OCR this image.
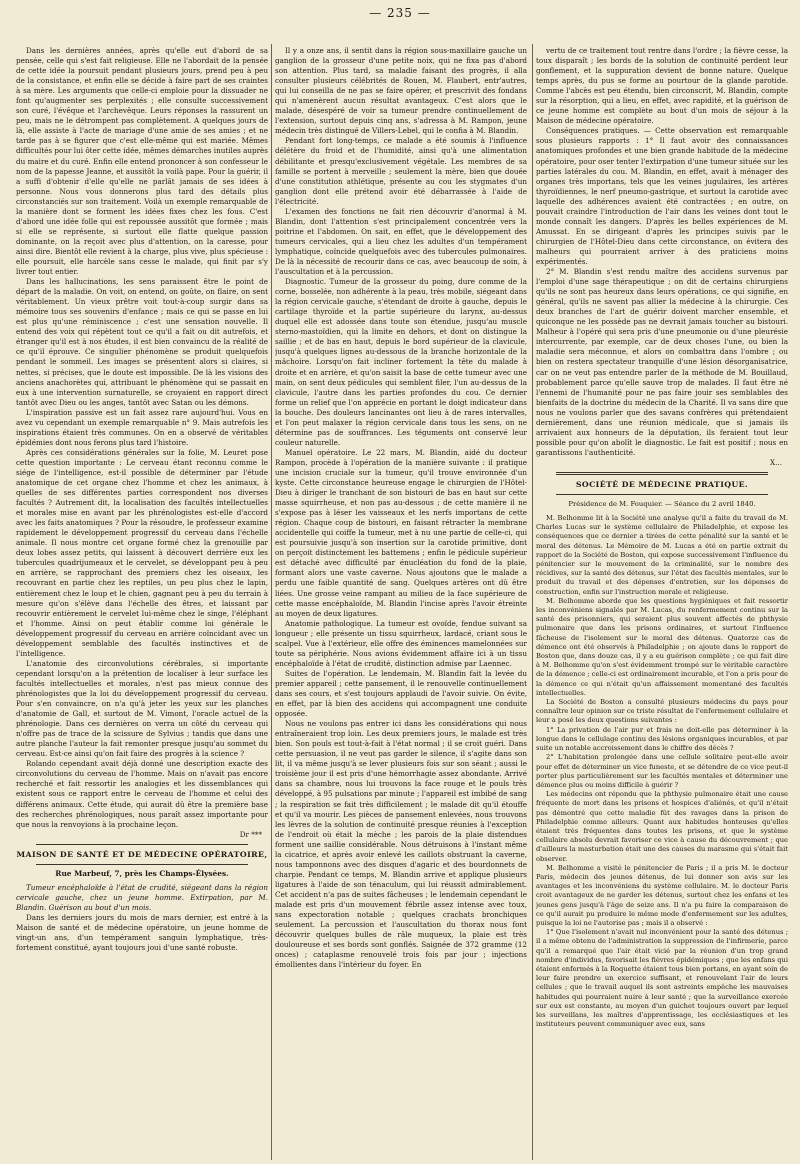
— 235 —

Dans les dernières années, après qu'elle eut d'abord de sa pensée, celle qui s'est fait religieuse. Elle ne l'abordait de la pensée de cette idée la poursuit pendant plusieurs jours, prend peu à peu de la consistance, et enfin elle se décide à faire part de ses craintes à sa mère. Les arguments que celle-ci emploie pour la dissuader ne font qu'augmenter ses perplexités ; elle consulte successivement son curé, l'évêque et l'archevêque. Leurs réponses la rassurent un peu, mais ne le détrompent pas complètement. A quelques jours de là, elle assiste à l'acte de mariage d'une amie de ses amies ; et ne tarde pas à se figurer que c'est elle-même qui est mariée. Mêmes difficultés pour lui ôter cette idée, mêmes démarches inutiles auprès du maire et du curé. Enfin elle entend prononcer à son confesseur le nom de la papesse Jeanne, et aussitôt la voilà pape. Pour la guérir, il a suffi d'obtenir d'elle qu'elle ne parlât jamais de ses idées à personne. Nous vous donnerons plus tard des détails plus circonstanciés sur son traitement. Voilà un exemple remarquable de la manière dont se forment les idées fixes chez les fous. C'est d'abord une idée folle qui est repoussée aussitôt que formée ; mais si elle se représente, si surtout elle flatte quelque passion dominante, on la reçoit avec plus d'attention, on la caresse, pour ainsi dire. Bientôt elle revient à la charge, plus vive, plus spécieuse : elle poursuit, elle harcèle sans cesse le malade, qui finit par s'y livrer tout entier.

Dans les hallucinations, les sens paraissent être le point de départ de la maladie. On voit, on entend, on goûte, on flaire, on sent véritablement. Un vieux prêtre voit tout-à-coup surgir dans sa mémoire tous ses souvenirs d'enfance ; mais ce qui se passe en lui est plus qu'une réminiscence ; c'est une sensation nouvelle. Il entend des voix qui répètent tout ce qu'il a fait ou dit autrefois, et étranger qu'il est à nos études, il est bien convaincu de la réalité de ce qu'il éprouve. Ce singulier phénomène se produit quelquefois pendant le sommeil. Les images se présentent alors si claires, si nettes, si précises, que le doute est impossible. De là les visions des anciens anachorètes qui, attribuant le phénomène qui se passait en eux à une intervention surnaturelle, se croyaient en rapport direct tantôt avec Dieu ou les anges, tantôt avec Satan ou les démons.

L'inspiration passive est un fait assez rare aujourd'hui. Vous en avez vu cependant un exemple remarquable n° 9. Mais autrefois les inspirations étaient très communes. On en a observé de véritables épidémies dont nous ferons plus tard l'histoire.

Après ces considérations générales sur la folie, M. Leuret pose cette question importante : Le cerveau étant reconnu comme le siége de l'intelligence, est-il possible de déterminer par l'étude anatomique de cet organe chez l'homme et chez les animaux, à quelles de ses différentes parties correspondent nos diverses facultés ? Autrement dit, la localisation des facultés intellectuelles et morales mise en avant par les phrénologistes est-elle d'accord avec les faits anatomiques ? Pour la résoudre, le professeur examine rapidement le développement progressif du cerveau dans l'échelle animale. Il nous montre cet organe formé chez la grenouille par deux lobes assez petits, qui laissent à découvert derrière eux les tubercules quadrijumeaux et le cervelet, se développant peu à peu en arrière, se rapprochant des premiers chez les oiseaux, les recouvrant en partie chez les reptiles, un peu plus chez le lapin, entièrement chez le loup et le chien, gagnant peu à peu du terrain à mesure qu'on s'élève dans l'échelle des êtres, et laissant par recouvrir entièrement le cervelet lui-même chez le singe, l'éléphant et l'homme. Ainsi on peut établir comme loi générale le développement progressif du cerveau en arrière coïncidant avec un développement semblable des facultés instinctives et de l'intelligence.

L'anatomie des circonvolutions cérébrales, si importante cependant lorsqu'on a la prétention de localiser à leur surface les facultés intellectuelles et morales, n'est pas mieux connue des phrénologistes que la loi du développement progressif du cerveau. Pour s'en convaincre, on n'a qu'à jeter les yeux sur les planches d'anatomie de Gall, et surtout de M. Vimont, l'oracle actuel de la phrénologie. Dans ces dernières on verra un côté du cerveau qui n'offre pas de trace de la scissure de Sylvius ; tandis que dans une autre planche l'auteur la fait remonter presque jusqu'au sommet du cerveau. Est-ce ainsi qu'on fait faire des progrès à la science ?

Rolando cependant avait déjà donné une description exacte des circonvolutions du cerveau de l'homme. Mais on n'avait pas encore recherché et fait ressortir les analogies et les dissemblances qui existent sous ce rapport entre le cerveau de l'homme et celui des différens animaux. Cette étude, qui aurait dû être la première base des recherches phrénologiques, nous paraît assez importante pour que nous la renvoyions à la prochaine leçon.

Dr ***
MAISON DE SANTÉ ET DE MÉDECINE OPÉRATOIRE,
Rue Marbeuf, 7, près les Champs-Élysées.

Tumeur encéphaloïde à l'état de crudité, siégeant dans la région cervicale gauche, chez un jeune homme. Extirpation, par M. Blandin. Guérison au bout d'un mois.

Dans les derniers jours du mois de mars dernier, est entré à la Maison de santé et de médecine opératoire, un jeune homme de vingt-un ans, d'un tempérament sanguin lymphatique, très-fortement constitué, ayant toujours joui d'une santé robuste.

Il y a onze ans, il sentit dans la région sous-maxillaire gauche un ganglion de la grosseur d'une petite noix, qui ne fixa pas d'abord son attention. Plus tard, sa maladie faisant des progrès, il alla consulter plusieurs célébrités de Rouen, M. Flaubert, entr'autres, qui lui conseilla de ne pas se faire opérer, et prescrivit des fondans qui n'amenèrent aucun résultat avantageux. C'est alors que le malade, désespéré de voir sa tumeur prendre continuellement de l'extension, surtout depuis cinq ans, s'adressa à M. Rampon, jeune médecin très distingué de Villers-Lebel, qui le confia à M. Blandin.

Pendant fort long-temps, ce malade a été soumis à l'influence délétère du froid et de l'humidité, ainsi qu'à une alimentation débilitante et presqu'exclusivement végétale. Les membres de sa famille se portent à merveille ; seulement la mère, bien que douée d'une constitution athlétique, présente au cou les stygmates d'un ganglion dont elle prétend avoir été débarrassée à l'aide de l'électricité.

L'examen des fonctions ne fait rien découvrir d'anormal à M. Blandin, dont l'attention s'est principalement concentrée vers la poitrine et l'abdomen. On sait, en effet, que le développement des tumeurs cervicales, qui a lieu chez les adultes d'un tempérament lymphatique, coïncide quelquefois avec des tubercules pulmonaires. De là la nécessité de recourir dans ce cas, avec beaucoup de soin, à l'auscultation et à la percussion.

Diagnostic. Tumeur de la grosseur du poing, dure comme de la corne, bosselée, non adhérente à la peau, très mobile, siégeant dans la région cervicale gauche, s'étendant de droite à gauche, depuis le cartilage thyroïde et la partie supérieure du larynx, au-dessus duquel elle est adossée dans toute son étendue, jusqu'au muscle sterno-mastoïdien, qui la limite en dehors, et dont on distingue la saillie ; et de bas en haut, depuis le bord supérieur de la clavicule, jusqu'à quelques lignes au-dessous de la branche horizontale de la mâchoire. Lorsqu'on fait incliner fortement la tête du malade à droite et en arrière, et qu'on saisit la base de cette tumeur avec une main, on sent deux pédicules qui semblent filer, l'un au-dessus de la clavicule, l'autre dans les parties profondes du cou. Ce dernier forme un relief que l'on apprécie en portant le doigt indicateur dans la bouche. Des douleurs lancinantes ont lieu à de rares intervalles, et l'on peut malaxer la région cervicale dans tous les sens, on ne détermine pas de souffrances. Les téguments ont conservé leur couleur naturelle.

Manuel opératoire. Le 22 mars, M. Blandin, aidé du docteur Rampon, procède à l'opération de la manière suivante : il pratique une incision cruciale sur la tumeur, qu'il trouve environnée d'un kyste. Cette circonstance heureuse engage le chirurgien de l'Hôtel-Dieu à diriger le tranchant de son bistouri de bas en haut sur cette masse squirrheuse, et non pas au-dessous ; de cette manière il ne s'expose pas à léser les vaisseaux et les nerfs importans de cette région. Chaque coup de bistouri, en faisant rétracter la membrane accidentelle qui coiffe la tumeur, met à nu une partie de celle-ci, qui est poursuivie jusqu'à son insertion sur la carotide primitive, dont on perçoit distinctement les battemens ; enfin le pédicule supérieur est détaché avec difficulté par énucléation du fond de la plaie, formant alors une vaste caverne. Nous ajoutons que le malade a perdu une faible quantité de sang. Quelques artères ont dû être liées. Une grosse veine rampant au milieu de la face supérieure de cette masse encéphaloïde, M. Blandin l'incise après l'avoir étreinte au moyen de deux ligatures.

Anatomie pathologique. La tumeur est ovoïde, fendue suivant sa longueur ; elle présente un tissu squirrheux, lardacé, criant sous le scalpel. Vue à l'extérieur, elle offre des éminences mamelonnées sur toute sa périphérie. Nous avions évidemment affaire ici à un tissu encéphaloïde à l'état de crudité, distinction admise par Laennec.

Suites de l'opération. Le lendemain, M. Blandin fait la levée du premier appareil ; cette pansement, il le renouvelle continuellement dans ses cours, et s'est toujours applaudi de l'avoir suivie. On évite, en effet, par là bien des accidens qui accompagnent une conduite opposée.

Nous ne voulons pas entrer ici dans les considérations qui nous entraîneraient trop loin. Les deux premiers jours, le malade est très bien. Son pouls est tout-à-fait à l'état normal ; il se croit guéri. Dans cette persuasion, il ne veut pas garder le silence, il s'agite dans son lit, il va même jusqu'à se lever plusieurs fois sur son séant ; aussi le troisième jour il est pris d'une hémorrhagie assez abondante. Arrivé dans sa chambre, nous lui trouvons la face rouge et le pouls très développé, à 95 pulsations par minute ; l'appareil est imbibé de sang ; la respiration se fait très difficilement ; le malade dit qu'il étouffe et qu'il va mourir. Les pièces de pansement enlevées, nous trouvons les lèvres de la solution de continuité presque réunies à l'exception de l'endroit où était la mèche ; les parois de la plaie distendues forment une saillie considérable. Nous détruisons à l'instant même la cicatrice, et après avoir enlevé les caillots obstruant la caverne, nous tamponnons avec des disques d'agaric et des bourdonnets de charpie. Pendant ce temps, M. Blandin arrive et applique plusieurs ligatures à l'aide de son ténaculum, qui lui réussit admirablement. Cet accident n'a pas de suites fâcheuses ; le lendemain cependant le malade est pris d'un mouvement fébrile assez intense avec toux, sans expectoration notable ; quelques crachats bronchiques seulement. La percussion et l'auscultation du thorax nous font découvrir quelques bulles de râle muqueux, la plaie est très douloureuse et ses bords sont gonflés. Saignée de 372 gramme (12 onces) ; cataplasme renouvelé trois fois par jour ; injections émollientes dans l'intérieur du foyer. En

vertu de ce traitement tout rentre dans l'ordre ; la fièvre cesse, la toux disparaît ; les bords de la solution de continuité perdent leur gonflement, et la suppuration devient de bonne nature. Quelque temps après, du pus se forme au pourtour de la glande parotide. Comme l'abcès est peu étendu, bien circonscrit, M. Blandin, compte sur la résorption, qui a lieu, en effet, avec rapidité, et la guérison de ce jeune homme est complète au bout d'un mois de séjour à la Maison de médecine opératoire.

Conséquences pratiques. — Cette observation est remarquable sous plusieurs rapports : 1° Il faut avoir des connaissances anatomiques profondes et une bien grande habitude de la médecine opératoire, pour oser tenter l'extirpation d'une tumeur située sur les parties latérales du cou. M. Blandin, en effet, avait à ménager des organes très importans, tels que les veines jugulaires, les artères thyroïdiennes, le nerf pneumo-gastrique, et surtout la carotide avec laquelle des adhérences avaient été contractées ; en outre, on pouvait craindre l'introduction de l'air dans les veines dont tout le monde connaît les dangers. D'après les belles expériences de M. Amussat. En se dirigeant d'après les principes suivis par le chirurgien de l'Hôtel-Dieu dans cette circonstance, on évitera des malheurs qui pourraient arriver à des praticiens moins expérimentés.

2° M. Blandin s'est rendu maître des accidens survenus par l'emploi d'une sage thérapeutique ; on dit de certains chirurgiens qu'ils ne sont pas heureux dans leurs opérations, ce qui signifie, en général, qu'ils ne savent pas allier la médecine à la chirurgie. Ces deux branches de l'art de guérir doivent marcher ensemble, et quiconque ne les possède pas ne devrait jamais toucher au bistouri. Malheur à l'opéré qui sera pris d'une pneumonie ou d'une pleurésie intercurrente, par exemple, car de deux choses l'une, ou bien la maladie sera méconnue, et alors on combattra dans l'ombre ; ou bien on restera spectateur tranquille d'une lésion désorganisatrice, car on ne veut pas entendre parler de la méthode de M. Bouillaud, probablement parce qu'elle sauve trop de malades. Il faut être né l'ennemi de l'humanité pour ne pas faire jouir ses semblables des bienfaits de la doctrine du médecin de la Charité. Il va sans dire que nous ne voulons parler que des savans confrères qui prétendaient dernièrement, dans une réunion médicale, que si jamais ils arrivaient aux honneurs de la députation, ils feraient tout leur possible pour qu'on abolît le diagnostic. Le fait est positif ; nous en garantissons l'authenticité.

X...
SOCIÉTÉ DE MÉDECINE PRATIQUE.
Présidence de M. Fouquier. — Séance du 2 avril 1840.

M. Belhomme lit à la Société une analyse qu'il a faite du travail de M. Charles Lucas sur le système cellulaire de Philadelphie, et expose les conséquences que ce dernier a tirées de cette pénalité sur la santé et le moral des détenus. Le Mémoire de M. Lucas a été en partie extrait du rapport de la Société de Boston, qui expose successivement l'influence du pénitencier sur le mouvement de la criminalité, sur le nombre des récidives, sur la santé des détenus, sur l'état des facultés mentales, sur le produit du travail et des dépenses d'entretien, sur les dépenses de construction, enfin sur l'instruction morale et religieuse.

M. Belhomme aborde que les questions hygiéniques et fait ressortir les inconvéniens signalés par M. Lucas, du renfermement continu sur la santé des prisonniers, qui seraient plus souvent affectés de phthysie pulmonaire que dans les prisons ordinaires, et surtout l'influence fâcheuse de l'isolement sur le moral des détenus. Quatorze cas de démence ont été observés à Philadelphie ; on ajoute dans le rapport de Boston que, dans douze cas, il y a eu guérison complète ; ce qui fait dire à M. Belhomme qu'on s'est évidemment trompé sur le véritable caractère de la démence ; celle-ci est ordinairement incurable, et l'on a pris pour de la démence ce qui n'était qu'un affaissement momentané des facultés intellectuelles.

La Société de Boston a consulté plusieurs médecins du pays pour connaître leur opinion sur ce triste résultat de l'enfermement cellulaire et leur a posé les deux questions suivantes :

1° La privation de l'air pur et frais ne doit-elle pas déterminer à la longue dans le cellulage continu des lésions organiques incurables, et par suite un notable accroissement dans le chiffre des décès ?

2° L'habitation prolongée dans une cellule solitaire peut-elle avoir pour effet de déterminer un vice funeste, et se détendre de ce vice peut-il porter plus particulièrement sur les facultés mentales et déterminer une démence plus ou moins difficile à guérir ?

Les médecins ont répondu que la phthysie pulmonaire était une cause fréquente de mort dans les prisons et hospices d'aliénés, et qu'il n'était pas démontré que cette maladie fût des ravages dans la prison de Philadelphie comme ailleurs. Quant aux habitudes honteuses qu'elles étaient très fréquentes dans toutes les prisons, et que le système cellulaire absolu devrait favoriser ce vice à cause du découvrement ; que d'ailleurs la masturbation était une des causes du marasme qui s'était fait observer.

M. Belhomme a visité le pénitencier de Paris ; il a pris M. le docteur Paris, médecin des jeunes détenus, de lui donner son avis sur les avantages et les inconvéniens du système cellulaire. M. le docteur Paris croit avantageux de ne garder les détenus, surtout chez les enfans et les jeunes gens jusqu'à l'âge de seize ans. Il n'a pu faire la comparaison de ce qu'il aurait pu produire le même mode d'enfermement sur les adultes, puisque la loi ne l'autorise pas ; mais il a observé :

1° Que l'isolement n'avait nul inconvénient pour la santé des détenus ; il a même obtenu de l'administration la suppression de l'infirmerie, parce qu'il a remarqué que l'air était vicié par la réunion d'un trop grand nombre d'individus, favorisait les fièvres épidémiques ; que les enfans qui étaient enfermés à la Roquette étaient tous bien portans, en ayant soin de leur faire prendre un exercice suffisant, et renouvelant l'air de leurs cellules ; que le travail auquel ils sont astreints empêche les mauvaises habitudes qui pourraient nuire à leur santé ; que la surveillance exercée sur eux est constante, au moyen d'un guichet toujours ouvert par lequel les surveillans, les maîtres d'apprentissage, les ecclésiastiques et les instituteurs peuvent communiquer avec eux, sans
